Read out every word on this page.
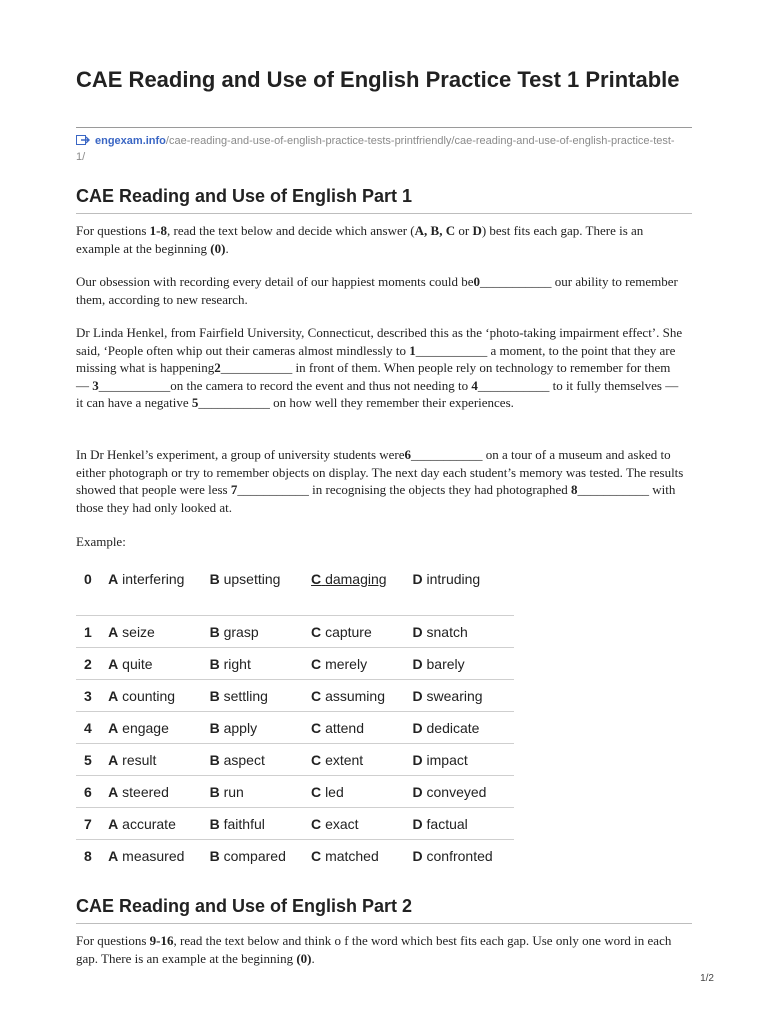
CAE Reading and Use of English Practice Test 1 Printable
engexam.info/cae-reading-and-use-of-english-practice-tests-printfriendly/cae-reading-and-use-of-english-practice-test-1/
CAE Reading and Use of English Part 1

For questions 1-8, read the text below and decide which answer (A, B, C or D) best fits each gap. There is an example at the beginning (0).

Our obsession with recording every detail of our happiest moments could be0___________ our ability to remember them, according to new research.

Dr Linda Henkel, from Fairfield University, Connecticut, described this as the ‘photo-taking impairment effect’. She said, ‘People often whip out their cameras almost mindlessly to 1___________ a moment, to the point that they are missing what is happening2___________ in front of them. When people rely on technology to remember for them — 3___________on the camera to record the event and thus not needing to 4___________ to it fully themselves — it can have a negative 5___________ on how well they remember their experiences.

In Dr Henkel’s experiment, a group of university students were6___________ on a tour of a museum and asked to either photograph or try to remember objects on display. The next day each student’s memory was tested. The results showed that people were less 7___________ in recognising the objects they had photographed 8___________ with those they had only looked at.

Example:

0	A interfering	B upsetting	C damaging	D intruding
1	A seize	B grasp	C capture	D snatch
2	A quite	B right	C merely	D barely
3	A counting	B settling	C assuming	D swearing
4	A engage	B apply	C attend	D dedicate
5	A result	B aspect	C extent	D impact
6	A steered	B run	C led	D conveyed
7	A accurate	B faithful	C exact	D factual
8	A measured	B compared	C matched	D confronted
CAE Reading and Use of English Part 2

For questions 9-16, read the text below and think o f the word which best fits each gap. Use only one word in each gap. There is an example at the beginning (0).

1/2
